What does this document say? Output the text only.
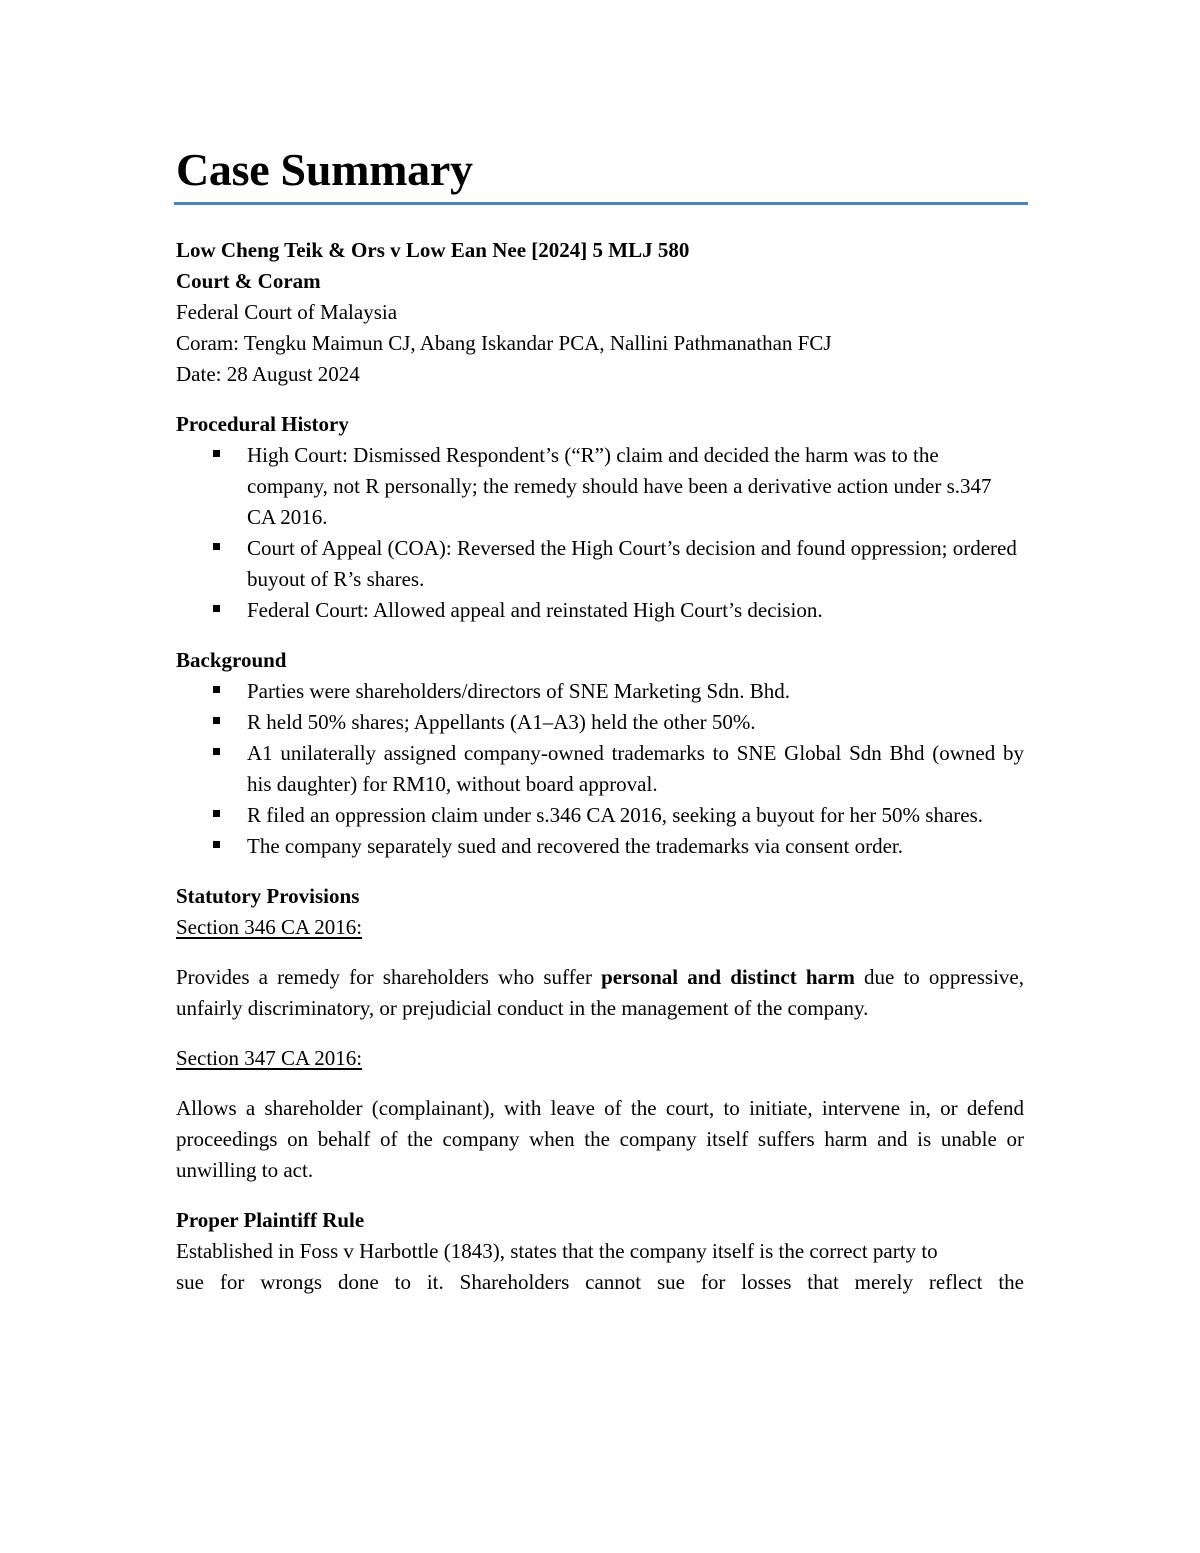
Case Summary

Low Cheng Teik & Ors v Low Ean Nee [2024] 5 MLJ 580

Court & Coram

Federal Court of Malaysia

Coram: Tengku Maimun CJ, Abang Iskandar PCA, Nallini Pathmanathan FCJ

Date: 28 August 2024

Procedural History

High Court: Dismissed Respondent’s (“R”) claim and decided the harm was to the company, not R personally; the remedy should have been a derivative action under s.347 CA 2016.
Court of Appeal (COA): Reversed the High Court’s decision and found oppression; ordered buyout of R’s shares.
Federal Court: Allowed appeal and reinstated High Court’s decision.

Background

Parties were shareholders/directors of SNE Marketing Sdn. Bhd.
R held 50% shares; Appellants (A1–A3) held the other 50%.
A1 unilaterally assigned company-owned trademarks to SNE Global Sdn Bhd (owned by his daughter) for RM10, without board approval.
R filed an oppression claim under s.346 CA 2016, seeking a buyout for her 50% shares.
The company separately sued and recovered the trademarks via consent order.

Statutory Provisions

Section 346 CA 2016:

Provides a remedy for shareholders who suffer personal and distinct harm due to oppressive, unfairly discriminatory, or prejudicial conduct in the management of the company.

Section 347 CA 2016:

Allows a shareholder (complainant), with leave of the court, to initiate, intervene in, or defend proceedings on behalf of the company when the company itself suffers harm and is unable or unwilling to act.

Proper Plaintiff Rule

Established in Foss v Harbottle (1843), states that the company itself is the correct party to

sue for wrongs done to it. Shareholders cannot sue for losses that merely reflect the
